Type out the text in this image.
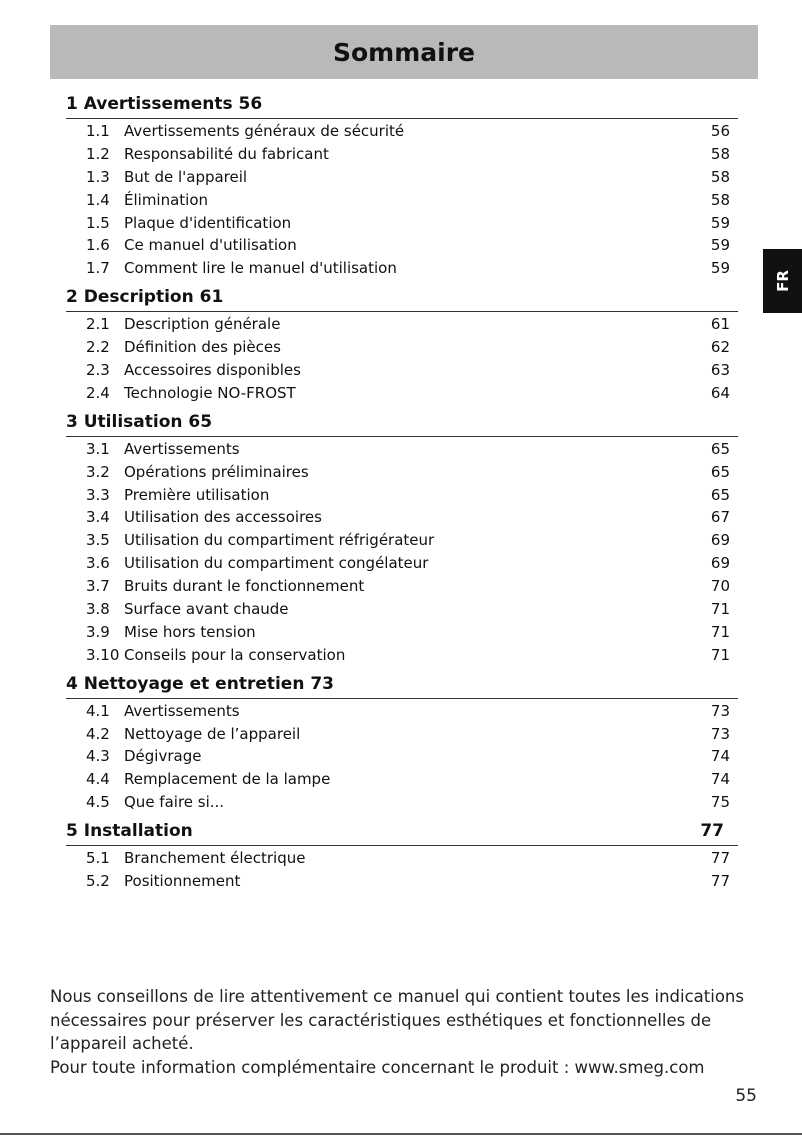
Sommaire
FR
1 Avertissements 56
1.1 Avertissements généraux de sécurité	56
1.2 Responsabilité du fabricant	58
1.3 But de l'appareil	58
1.4 Élimination	58
1.5 Plaque d'identification	59
1.6 Ce manuel d'utilisation	59
1.7 Comment lire le manuel d'utilisation	59
2 Description 61
2.1 Description générale	61
2.2 Définition des pièces	62
2.3 Accessoires disponibles	63
2.4 Technologie NO-FROST	64
3 Utilisation 65
3.1 Avertissements	65
3.2 Opérations préliminaires	65
3.3 Première utilisation	65
3.4 Utilisation des accessoires	67
3.5 Utilisation du compartiment réfrigérateur	69
3.6 Utilisation du compartiment congélateur	69
3.7 Bruits durant le fonctionnement	70
3.8 Surface avant chaude	71
3.9 Mise hors tension	71
3.10 Conseils pour la conservation	71
4 Nettoyage et entretien 73
4.1 Avertissements	73
4.2 Nettoyage de l’appareil	73
4.3 Dégivrage	74
4.4 Remplacement de la lampe	74
4.5 Que faire si...	75
5 Installation	77
5.1 Branchement électrique	77
5.2 Positionnement	77

Nous conseillons de lire attentivement ce manuel qui contient toutes les indications nécessaires pour préserver les caractéristiques esthétiques et fonctionnelles de l’appareil acheté.

Pour toute information complémentaire concernant le produit : www.smeg.com

55
